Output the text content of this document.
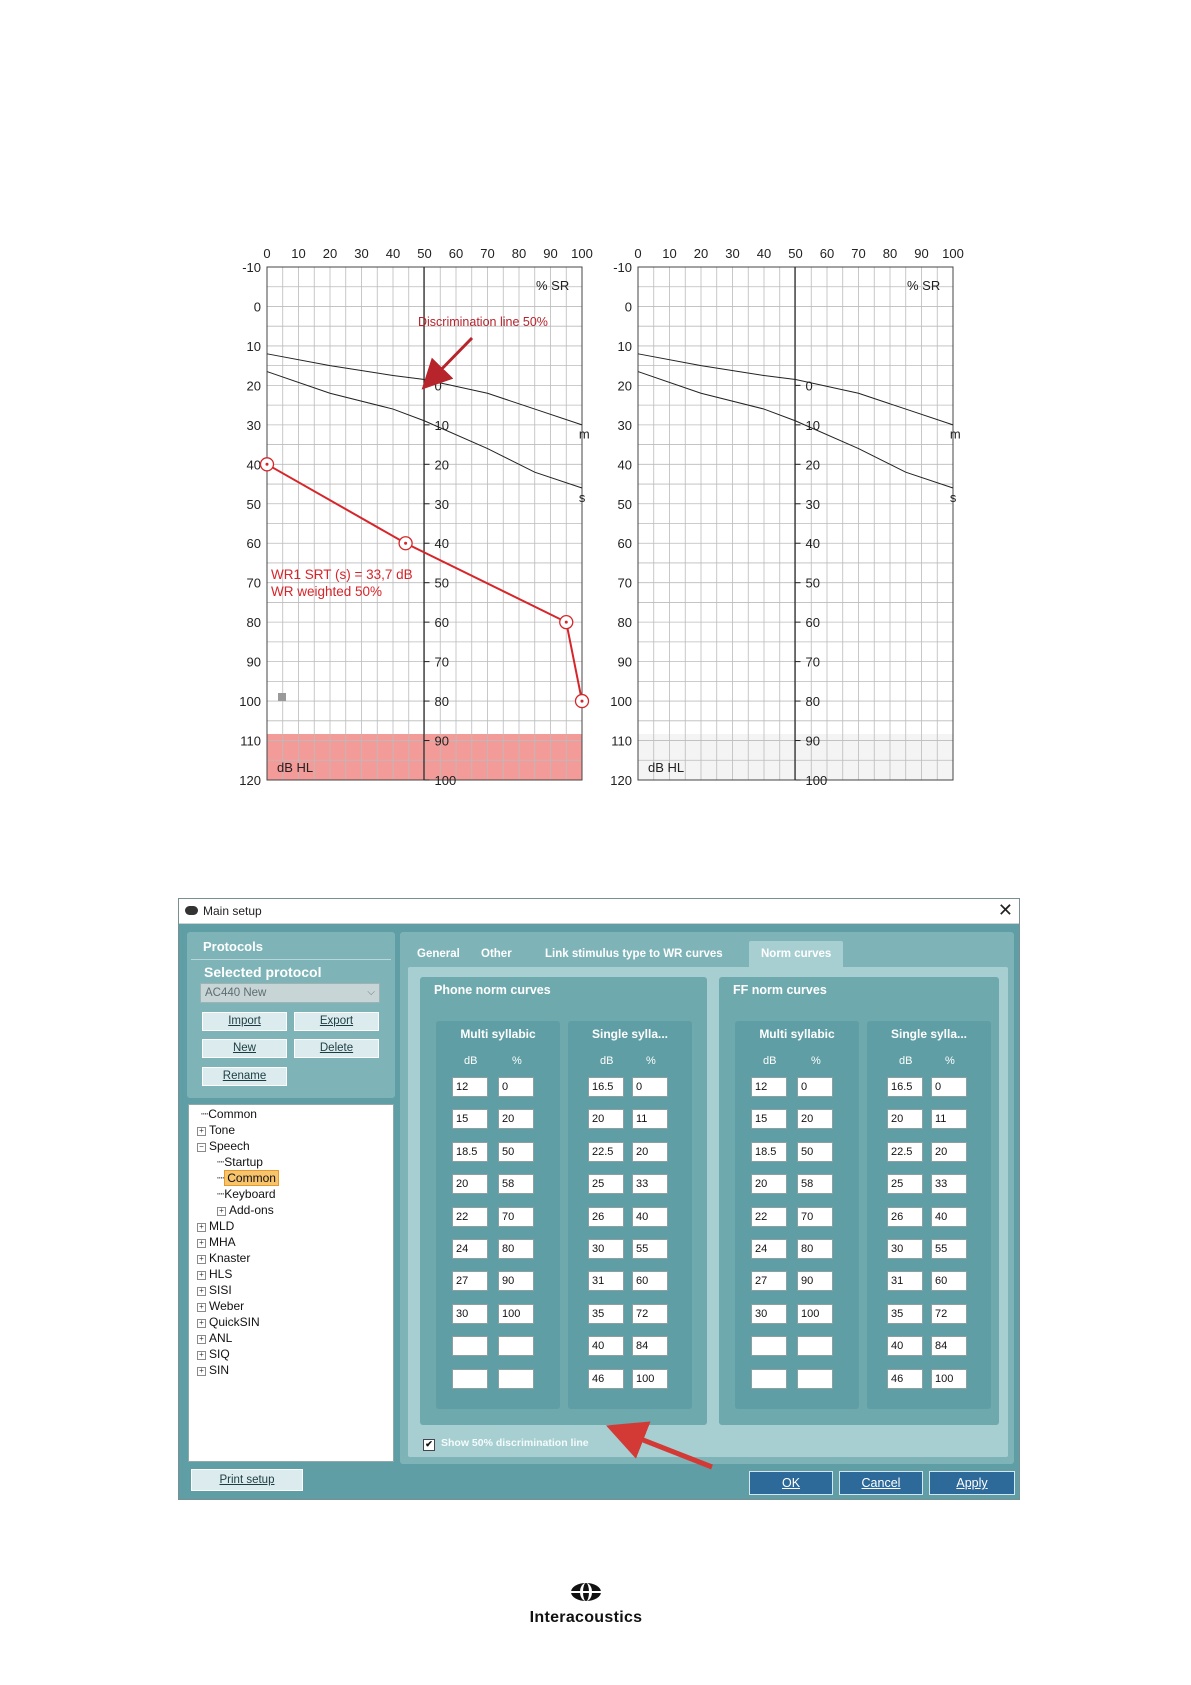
0 10 20 30 40 50 60 70 80 90 100
-10
0
10
20
30
40
50
60
70
80
90
100
110
120
0
10
20
30
40
50
60
70
80
90
100
% SR
dB HL
m
s
Discrimination line 50%
WR1 SRT (s) = 33,7 dB
WR weighted 50%
0 10 20 30 40 50 60 70 80 90 100
-10
0
10
20
30
40
50
60
70
80
90
100
110
120
0
10
20
30
40
50
60
70
80
90
100
% SR
dB HL
m
s
Main setup	✕
Protocols
Selected protocol
AC440 New	⌵
Import	Export
New	Delete
Rename
┈Common
+ Tone
− Speech
┈Startup
┈ Common
┈Keyboard
+ Add-ons
+ MLD
+ MHA
+ Knaster
+ HLS
+ SISI
+ Weber
+ QuickSIN
+ ANL
+ SIQ
+ SIN
Print setup
General Other	Link stimulus type to WR curves	Norm curves
Phone norm curves
Multi syllabic
dB	%
12	0
15	20
18.5	50
20	58
22	70
24	80
27	90
30	100
Single sylla...
dB	%
16.5	0
20	11
22.5	20
25	33
26	40
30	55
31	60
35	72
40	84
46	100
FF norm curves
Multi syllabic
dB	%
12	0
15	20
18.5	50
20	58
22	70
24	80
27	90
30	100
Single sylla...
dB	%
16.5	0
20	11
22.5	20
25	33
26	40
30	55
31	60
35	72
40	84
46	100
✔ Show 50% discrimination line
OK	Cancel	Apply
Interacoustics
